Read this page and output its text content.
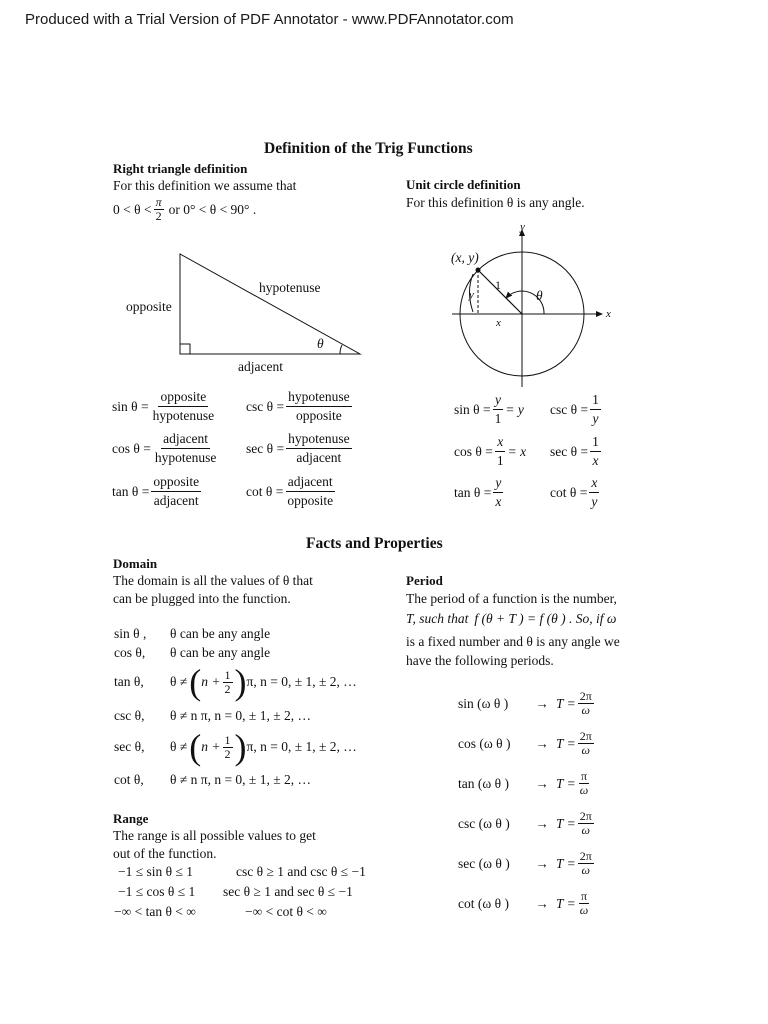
Produced with a Trial Version of PDF Annotator - www.PDFAnnotator.com
Definition of the Trig Functions
Right triangle definition
For this definition we assume that
$0 < \theta < \frac{\pi}{2}$ or 0° < θ < 90° .
hypotenuse
opposite
adjacent
θ
$\sin \theta = \frac{\text{opposite}}{\text{hypotenuse}}$ $\csc \theta = \frac{\text{hypotenuse}}{\text{opposite}}$
$\cos \theta = \frac{\text{adjacent}}{\text{hypotenuse}}$ $\sec \theta = \frac{\text{hypotenuse}}{\text{adjacent}}$
$\tan \theta = \frac{\text{opposite}}{\text{adjacent}}$	$\cot \theta = \frac{\text{adjacent}}{\text{opposite}}$
Unit circle definition
For this definition θ is any angle.
(x, y)
y
x
1
θ
y
x
$\sin \theta = \frac{y}{1} = y$ $\csc \theta = \frac{1}{y}$
$\cos \theta = \frac{x}{1} = x$ $\sec \theta = \frac{1}{x}$
$\tan \theta = \frac{y}{x}$	$\cot \theta = \frac{x}{y}$
Facts and Properties
Domain
The domain is all the values of θ that
can be plugged into the function.
sin θ ,	θ can be any angle
cos θ,	θ can be any angle
tan θ,	θ ≠ ( $n + \frac{1}{2}$ ) π, n = 0, ± 1, ± 2, …
csc θ,	θ ≠ n π, n = 0, ± 1, ± 2, …
sec θ,	θ ≠ ( $n + \frac{1}{2}$ ) π, n = 0, ± 1, ± 2, …
cot θ,	θ ≠ n π, n = 0, ± 1, ± 2, …
Range
The range is all possible values to get
out of the function.
−1 ≤ sin θ ≤ 1	csc θ ≥ 1 and csc θ ≤ −1
−1 ≤ cos θ ≤ 1 sec θ ≥ 1 and sec θ ≤ −1
−∞ < tan θ < ∞	−∞ < cot θ < ∞
Period
The period of a function is the number,
T, such that f (θ + T ) = f (θ ) . So, if ω
is a fixed number and θ is any angle we
have the following periods.
sin (ω θ )	→ $T = \frac{2\pi}{\omega}$
cos (ω θ )	→ $T = \frac{2\pi}{\omega}$
tan (ω θ )	→ $T = \frac{\pi}{\omega}$
csc (ω θ )	→ $T = \frac{2\pi}{\omega}$
sec (ω θ )	→ $T = \frac{2\pi}{\omega}$
cot (ω θ )	→ $T = \frac{\pi}{\omega}$
